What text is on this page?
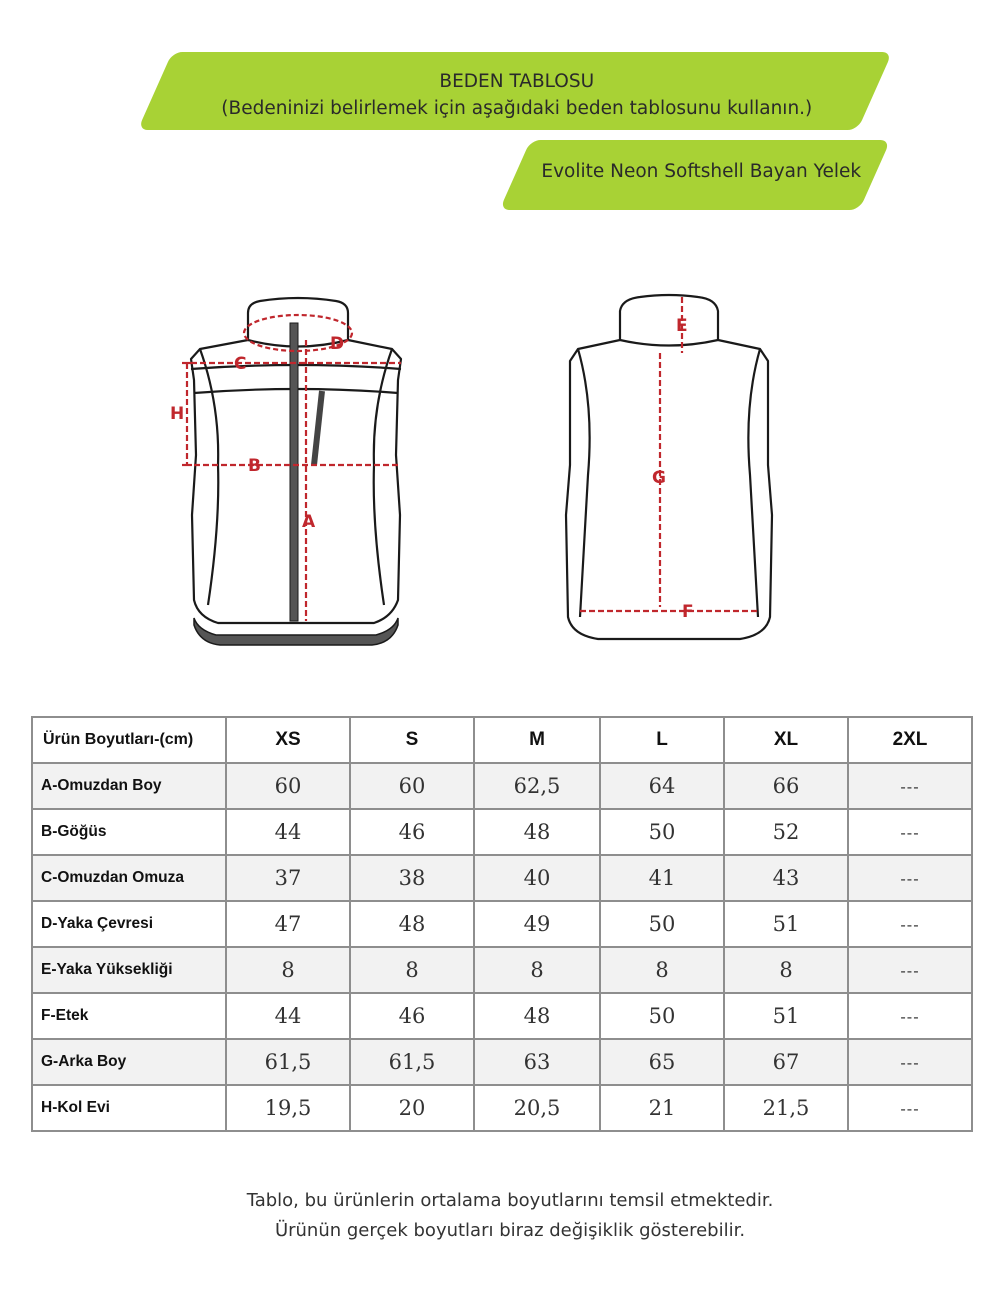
BEDEN TABLOSU
(Bedeninizi belirlemek için aşağıdaki beden tablosunu kullanın.)
Evolite Neon Softshell Bayan Yelek
D
C
H
B
A
E
G
F
Ürün Boyutları-(cm)	XS	S	M	L	XL	2XL
A-Omuzdan Boy	60	60	62,5	64	66	---
B-Göğüs	44	46	48	50	52	---
C-Omuzdan Omuza	37	38	40	41	43	---
D-Yaka Çevresi	47	48	49	50	51	---
E-Yaka Yüksekliği	8	8	8	8	8	---
F-Etek	44	46	48	50	51	---
G-Arka Boy	61,5	61,5	63	65	67	---
H-Kol Evi	19,5	20	20,5	21	21,5	---
Tablo, bu ürünlerin ortalama boyutlarını temsil etmektedir.
Ürünün gerçek boyutları biraz değişiklik gösterebilir.
